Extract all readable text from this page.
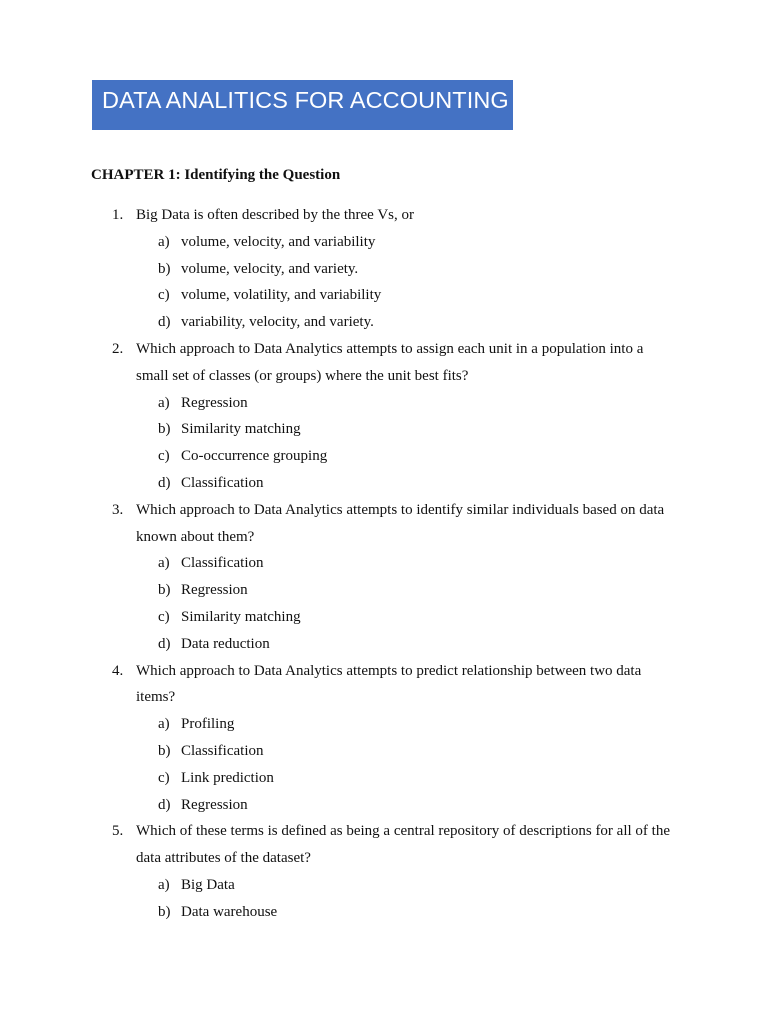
DATA ANALITICS FOR ACCOUNTING
CHAPTER 1: Identifying the Question
1. Big Data is often described by the three Vs, or
a) volume, velocity, and variability
b) volume, velocity, and variety.
c) volume, volatility, and variability
d) variability, velocity, and variety.
2. Which approach to Data Analytics attempts to assign each unit in a population into a
small set of classes (or groups) where the unit best fits?
a) Regression
b) Similarity matching
c) Co-occurrence grouping
d) Classification
3. Which approach to Data Analytics attempts to identify similar individuals based on data
known about them?
a) Classification
b) Regression
c) Similarity matching
d) Data reduction
4. Which approach to Data Analytics attempts to predict relationship between two data
items?
a) Profiling
b) Classification
c) Link prediction
d) Regression
5. Which of these terms is defined as being a central repository of descriptions for all of the
data attributes of the dataset?
a) Big Data
b) Data warehouse
